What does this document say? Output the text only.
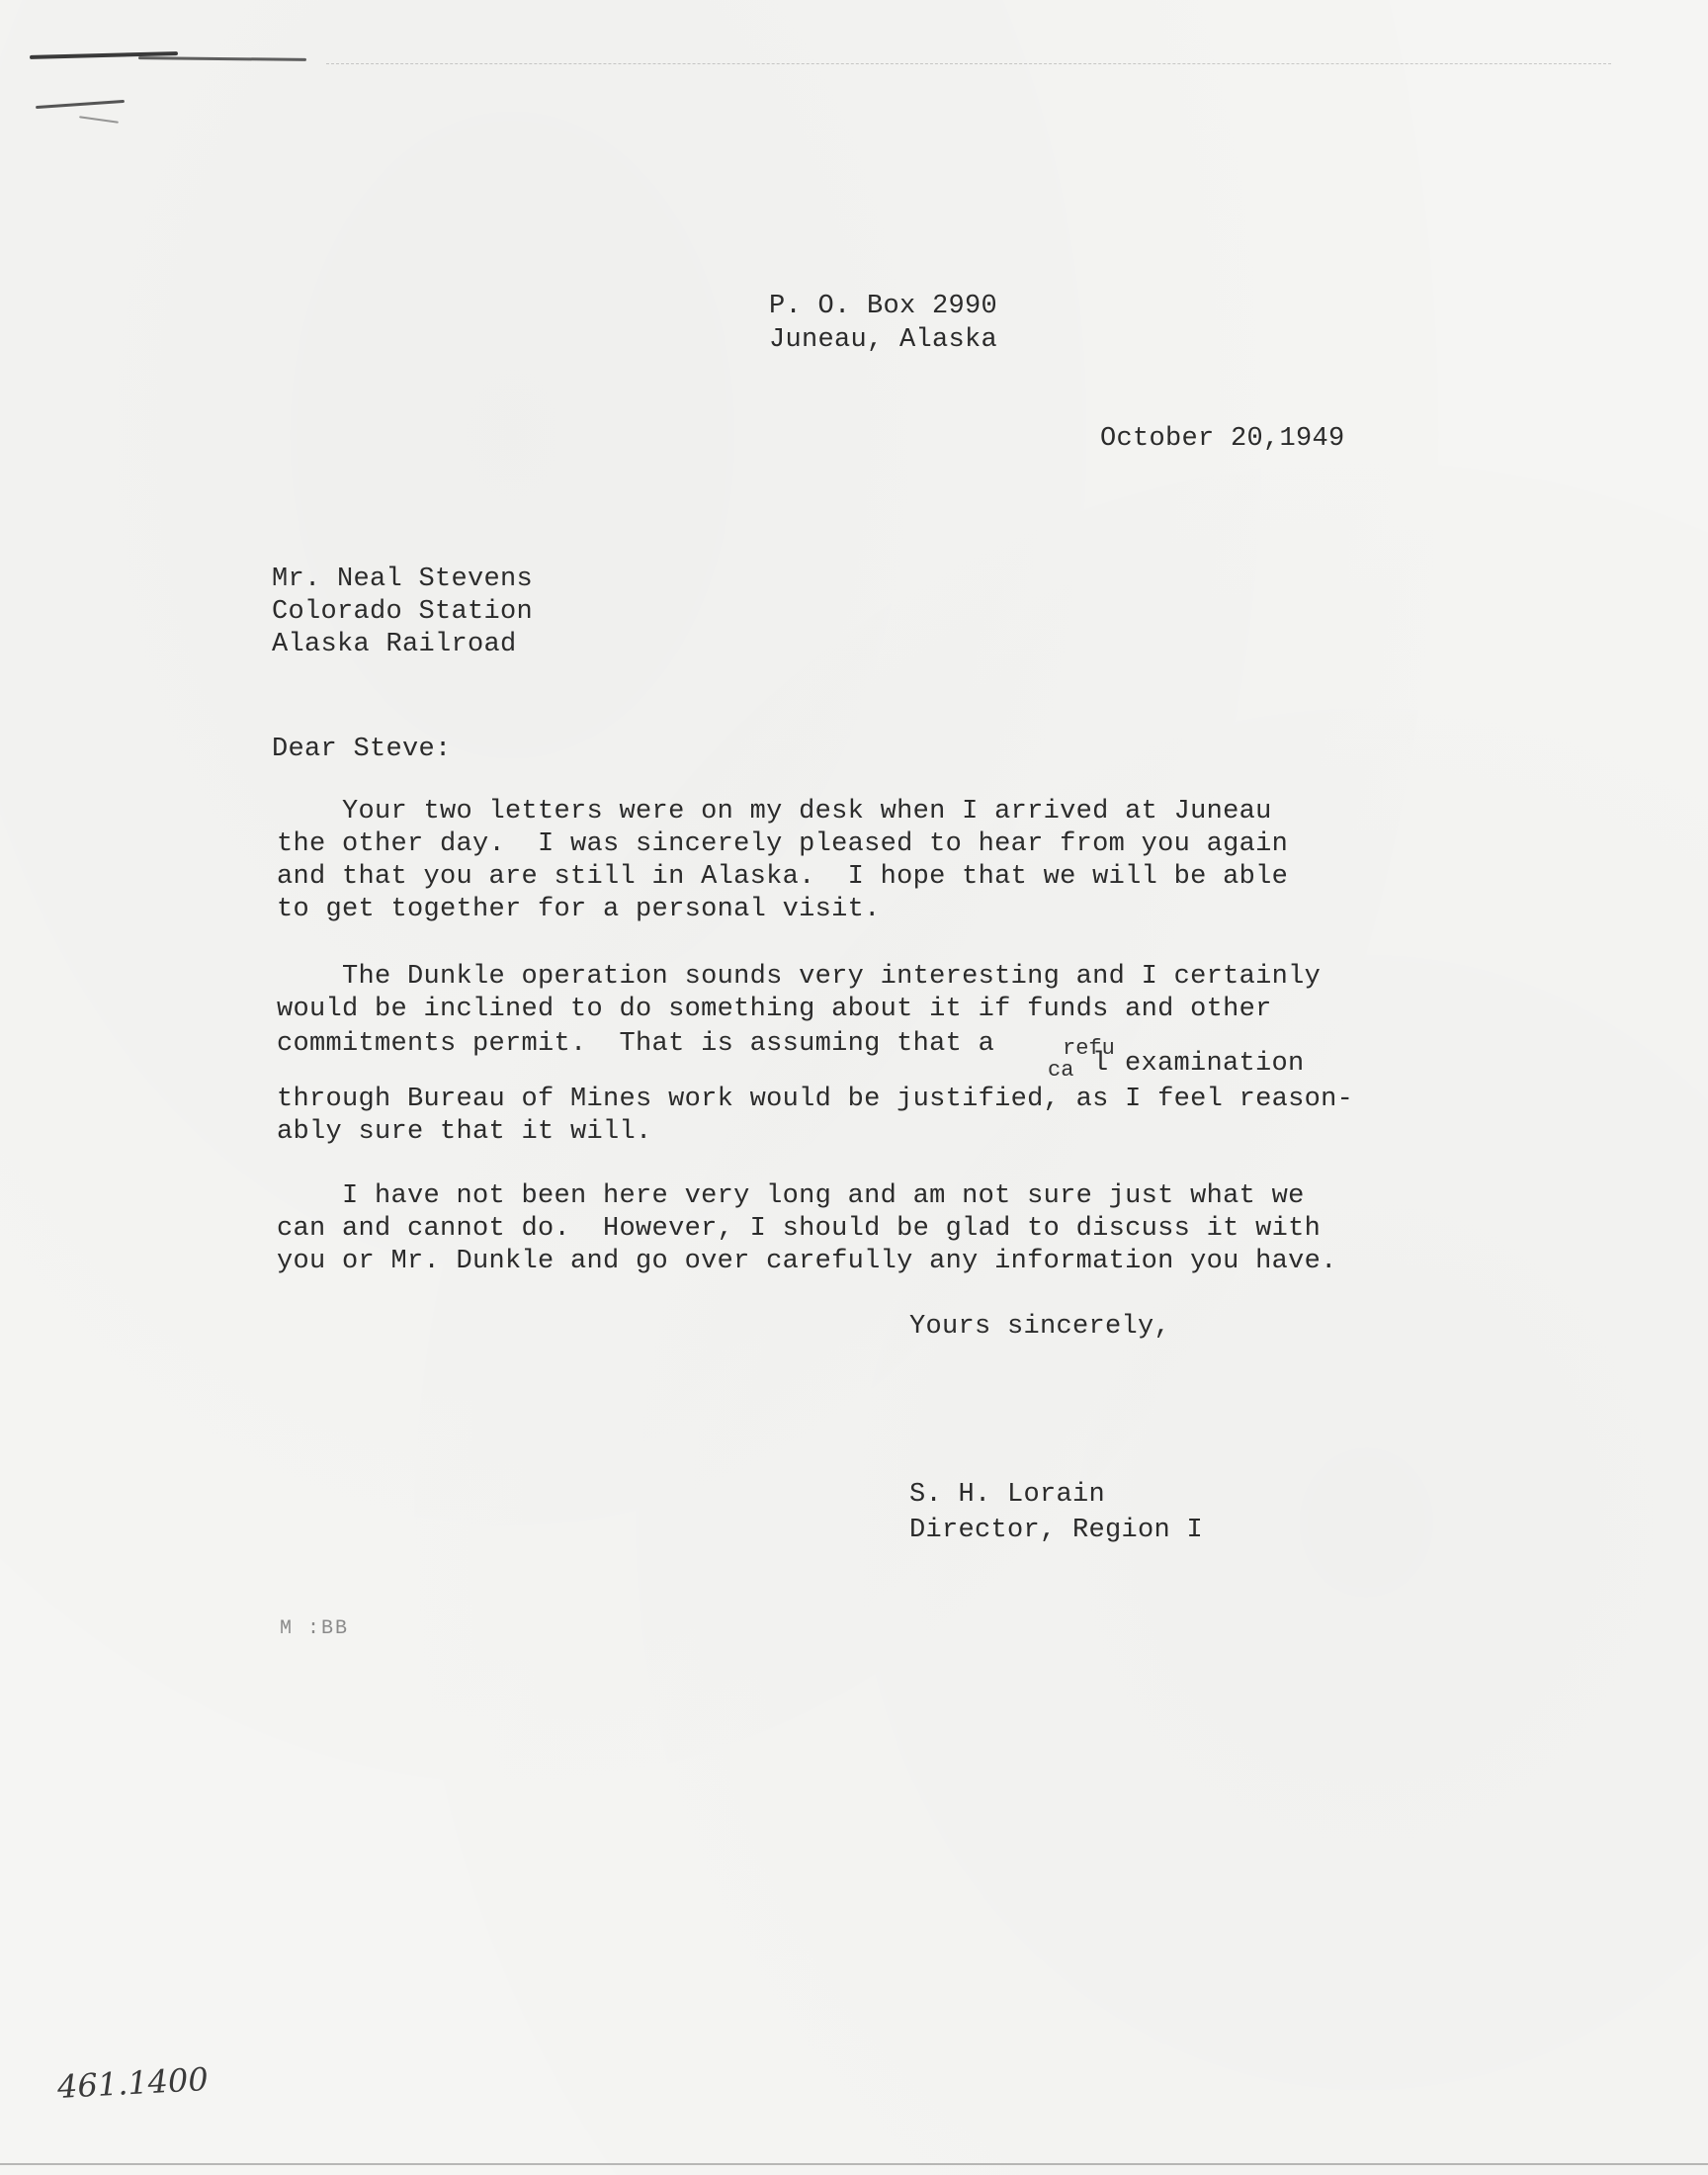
P. O. Box 2990
Juneau, Alaska
October 20,1949
Mr. Neal Stevens
Colorado Station
Alaska Railroad
Dear Steve:
Your two letters were on my desk when I arrived at Juneau
the other day.  I was sincerely pleased to hear from you again
and that you are still in Alaska.  I hope that we will be able
to get together for a personal visit.
The Dunkle operation sounds very interesting and I certainly
would be inclined to do something about it if funds and other
commitments permit.  That is assuming that a refu
ca l examination
through Bureau of Mines work would be justified, as I feel reason-
ably sure that it will.
I have not been here very long and am not sure just what we
can and cannot do.  However, I should be glad to discuss it with
you or Mr. Dunkle and go over carefully any information you have.
Yours sincerely,
S. H. Lorain
Director, Region I
M :BB
461.1400
